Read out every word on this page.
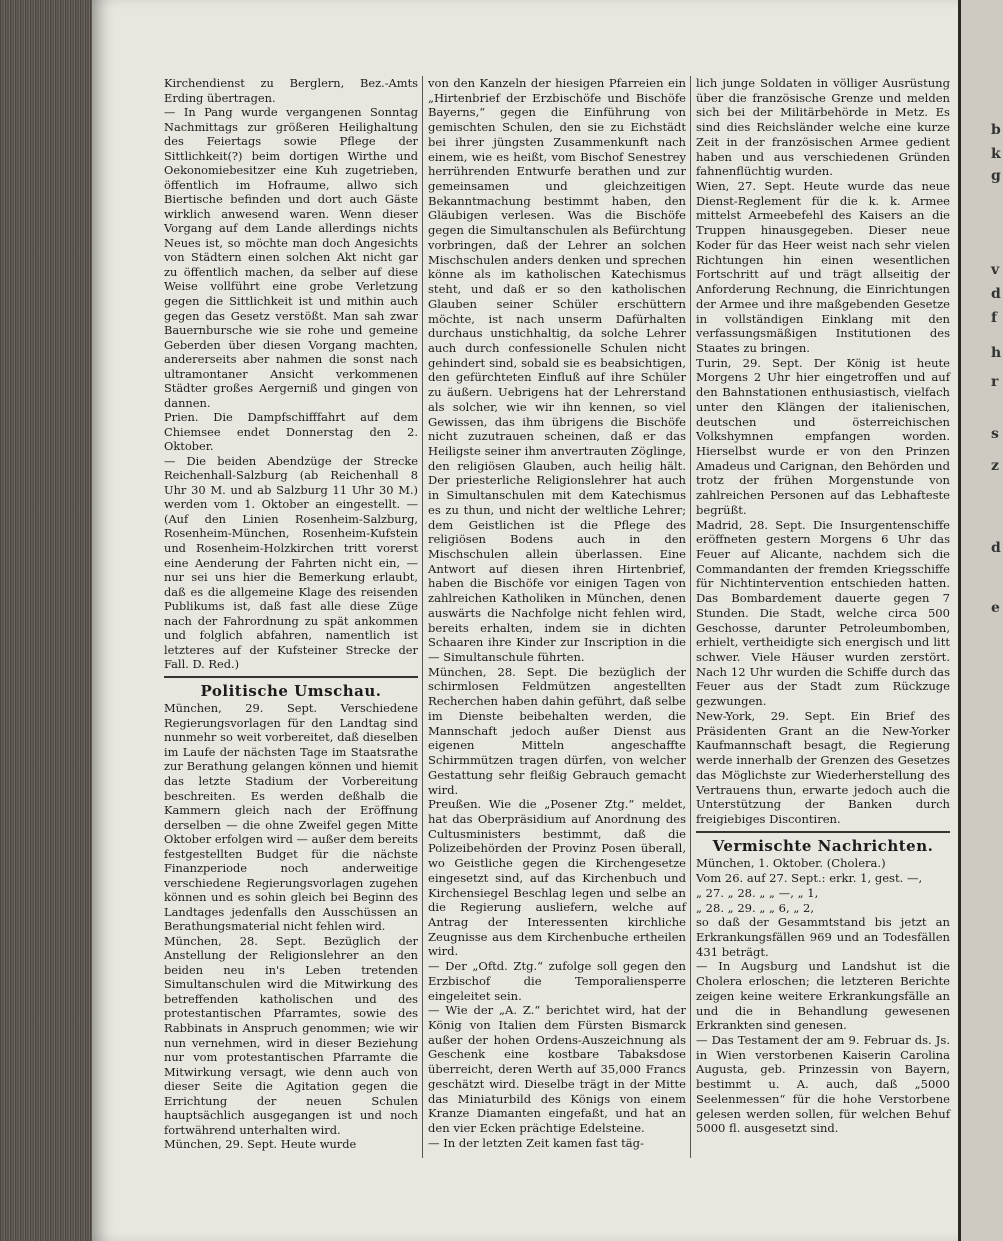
b
k
g
v
d
f
h
r
s
z
d
e

Kirchendienst zu Berglern, Bez.-Amts Erding übertragen.

— In Pang wurde vergangenen Sonntag Nachmittags zur größeren Heilighaltung des Feiertags sowie Pflege der Sittlichkeit(?) beim dortigen Wirthe und Oekonomiebesitzer eine Kuh zugetrieben, öffentlich im Hofraume, allwo sich Biertische befinden und dort auch Gäste wirklich anwesend waren. Wenn dieser Vorgang auf dem Lande allerdings nichts Neues ist, so möchte man doch Angesichts von Städtern einen solchen Akt nicht gar zu öffentlich machen, da selber auf diese Weise vollführt eine grobe Verletzung gegen die Sittlichkeit ist und mithin auch gegen das Gesetz verstößt. Man sah zwar Bauernbursche wie sie rohe und gemeine Geberden über diesen Vorgang machten, andererseits aber nahmen die sonst nach ultramontaner Ansicht verkommenen Städter großes Aergerniß und gingen von dannen.

Prien. Die Dampfschifffahrt auf dem Chiemsee endet Donnerstag den 2. Oktober.

— Die beiden Abendzüge der Strecke Reichenhall-Salzburg (ab Reichenhall 8 Uhr 30 M. und ab Salzburg 11 Uhr 30 M.) werden vom 1. Oktober an eingestellt. — (Auf den Linien Rosenheim-Salzburg, Rosenheim-München, Rosenheim-Kufstein und Rosenheim-Holzkirchen tritt vorerst eine Aenderung der Fahrten nicht ein, — nur sei uns hier die Bemerkung erlaubt, daß es die allgemeine Klage des reisenden Publikums ist, daß fast alle diese Züge nach der Fahrordnung zu spät ankommen und folglich abfahren, namentlich ist letzteres auf der Kufsteiner Strecke der Fall. D. Red.)

Politische Umschau.

München, 29. Sept. Verschiedene Regierungsvorlagen für den Landtag sind nunmehr so weit vorbereitet, daß dieselben im Laufe der nächsten Tage im Staatsrathe zur Berathung gelangen können und hiemit das letzte Stadium der Vorbereitung beschreiten. Es werden deßhalb die Kammern gleich nach der Eröffnung derselben — die ohne Zweifel gegen Mitte Oktober erfolgen wird — außer dem bereits festgestellten Budget für die nächste Finanzperiode noch anderweitige verschiedene Regierungsvorlagen zugehen können und es sohin gleich bei Beginn des Landtages jedenfalls den Ausschüssen an Berathungsmaterial nicht fehlen wird.

München, 28. Sept. Bezüglich der Anstellung der Religionslehrer an den beiden neu in's Leben tretenden Simultanschulen wird die Mitwirkung des betreffenden katholischen und des protestantischen Pfarramtes, sowie des Rabbinats in Anspruch genommen; wie wir nun vernehmen, wird in dieser Beziehung nur vom protestantischen Pfarramte die Mitwirkung versagt, wie denn auch von dieser Seite die Agitation gegen die Errichtung der neuen Schulen hauptsächlich ausgegangen ist und noch fortwährend unterhalten wird.

München, 29. Sept. Heute wurde

von den Kanzeln der hiesigen Pfarreien ein „Hirtenbrief der Erzbischöfe und Bischöfe Bayerns,“ gegen die Einführung von gemischten Schulen, den sie zu Eichstädt bei ihrer jüngsten Zusammenkunft nach einem, wie es heißt, vom Bischof Senestrey herrührenden Entwurfe berathen und zur gemeinsamen und gleichzeitigen Bekanntmachung bestimmt haben, den Gläubigen verlesen. Was die Bischöfe gegen die Simultanschulen als Befürchtung vorbringen, daß der Lehrer an solchen Mischschulen anders denken und sprechen könne als im katholischen Katechismus steht, und daß er so den katholischen Glauben seiner Schüler erschüttern möchte, ist nach unserm Dafürhalten durchaus unstichhaltig, da solche Lehrer auch durch confessionelle Schulen nicht gehindert sind, sobald sie es beabsichtigen, den gefürchteten Einfluß auf ihre Schüler zu äußern. Uebrigens hat der Lehrerstand als solcher, wie wir ihn kennen, so viel Gewissen, das ihm übrigens die Bischöfe nicht zuzutrauen scheinen, daß er das Heiligste seiner ihm anvertrauten Zöglinge, den religiösen Glauben, auch heilig hält. Der priesterliche Religionslehrer hat auch in Simultanschulen mit dem Katechismus es zu thun, und nicht der weltliche Lehrer; dem Geistlichen ist die Pflege des religiösen Bodens auch in den Mischschulen allein überlassen. Eine Antwort auf diesen ihren Hirtenbrief, haben die Bischöfe vor einigen Tagen von zahlreichen Katholiken in München, denen auswärts die Nachfolge nicht fehlen wird, bereits erhalten, indem sie in dichten Schaaren ihre Kinder zur Inscription in die — Simultanschule führten.

München, 28. Sept. Die bezüglich der schirmlosen Feldmützen angestellten Recherchen haben dahin geführt, daß selbe im Dienste beibehalten werden, die Mannschaft jedoch außer Dienst aus eigenen Mitteln angeschaffte Schirmmützen tragen dürfen, von welcher Gestattung sehr fleißig Gebrauch gemacht wird.

Preußen. Wie die „Posener Ztg.“ meldet, hat das Oberpräsidium auf Anordnung des Cultusministers bestimmt, daß die Polizeibehörden der Provinz Posen überall, wo Geistliche gegen die Kirchengesetze eingesetzt sind, auf das Kirchenbuch und Kirchensiegel Beschlag legen und selbe an die Regierung ausliefern, welche auf Antrag der Interessenten kirchliche Zeugnisse aus dem Kirchenbuche ertheilen wird.

— Der „Oftd. Ztg.“ zufolge soll gegen den Erzbischof die Temporaliensperre eingeleitet sein.

— Wie der „A. Z.“ berichtet wird, hat der König von Italien dem Fürsten Bismarck außer der hohen Ordens-Auszeichnung als Geschenk eine kostbare Tabaksdose überreicht, deren Werth auf 35,000 Francs geschätzt wird. Dieselbe trägt in der Mitte das Miniaturbild des Königs von einem Kranze Diamanten eingefaßt, und hat an den vier Ecken prächtige Edelsteine.

— In der letzten Zeit kamen fast täg-

lich junge Soldaten in völliger Ausrüstung über die französische Grenze und melden sich bei der Militärbehörde in Metz. Es sind dies Reichsländer welche eine kurze Zeit in der französischen Armee gedient haben und aus verschiedenen Gründen fahnenflüchtig wurden.

Wien, 27. Sept. Heute wurde das neue Dienst-Reglement für die k. k. Armee mittelst Armeebefehl des Kaisers an die Truppen hinausgegeben. Dieser neue Koder für das Heer weist nach sehr vielen Richtungen hin einen wesentlichen Fortschritt auf und trägt allseitig der Anforderung Rechnung, die Einrichtungen der Armee und ihre maßgebenden Gesetze in vollständigen Einklang mit den verfassungsmäßigen Institutionen des Staates zu bringen.

Turin, 29. Sept. Der König ist heute Morgens 2 Uhr hier eingetroffen und auf den Bahnstationen enthusiastisch, vielfach unter den Klängen der italienischen, deutschen und österreichischen Volkshymnen empfangen worden. Hierselbst wurde er von den Prinzen Amadeus und Carignan, den Behörden und trotz der frühen Morgenstunde von zahlreichen Personen auf das Lebhafteste begrüßt.

Madrid, 28. Sept. Die Insurgentenschiffe eröffneten gestern Morgens 6 Uhr das Feuer auf Alicante, nachdem sich die Commandanten der fremden Kriegsschiffe für Nichtintervention entschieden hatten. Das Bombardement dauerte gegen 7 Stunden. Die Stadt, welche circa 500 Geschosse, darunter Petroleumbomben, erhielt, vertheidigte sich energisch und litt schwer. Viele Häuser wurden zerstört. Nach 12 Uhr wurden die Schiffe durch das Feuer aus der Stadt zum Rückzuge gezwungen.

New-York, 29. Sept. Ein Brief des Präsidenten Grant an die New-Yorker Kaufmannschaft besagt, die Regierung werde innerhalb der Grenzen des Gesetzes das Möglichste zur Wiederherstellung des Vertrauens thun, erwarte jedoch auch die Unterstützung der Banken durch freigiebiges Discontiren.

Vermischte Nachrichten.

München, 1. Oktober. (Cholera.)

Vom 26. auf 27. Sept.: erkr. 1, gest. —,

„ 27. „ 28. „ „ —, „ 1,

„ 28. „ 29. „ „ 6, „ 2,

so daß der Gesammtstand bis jetzt an Erkrankungsfällen 969 und an Todesfällen 431 beträgt.

— In Augsburg und Landshut ist die Cholera erloschen; die letzteren Berichte zeigen keine weitere Erkrankungsfälle an und die in Behandlung gewesenen Erkrankten sind genesen.

— Das Testament der am 9. Februar ds. Js. in Wien verstorbenen Kaiserin Carolina Augusta, geb. Prinzessin von Bayern, bestimmt u. A. auch, daß „5000 Seelenmessen“ für die hohe Verstorbene gelesen werden sollen, für welchen Behuf 5000 fl. ausgesetzt sind.
